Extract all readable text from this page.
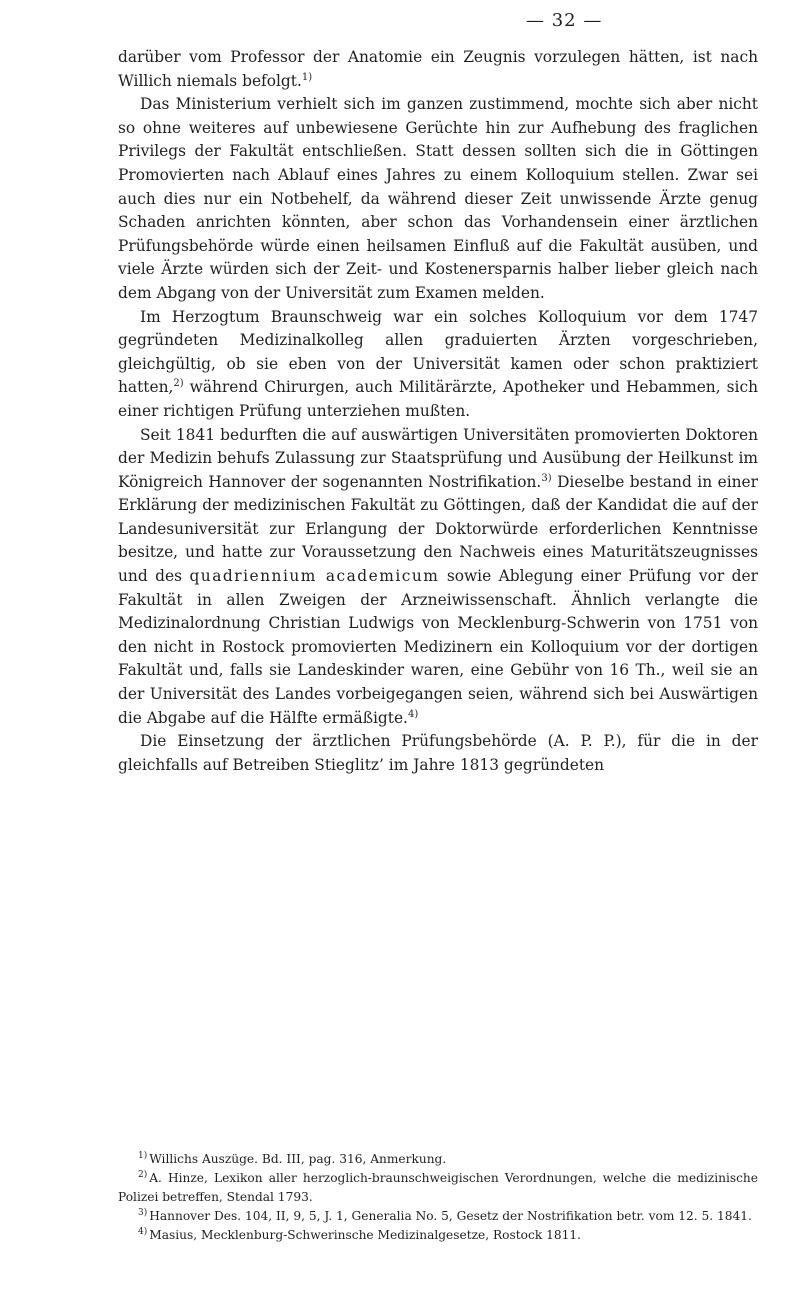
— 32 —

darüber vom Professor der Anatomie ein Zeugnis vorzulegen hätten, ist nach Willich niemals befolgt.$^{1)}$

Das Ministerium verhielt sich im ganzen zustimmend, mochte sich aber nicht so ohne weiteres auf unbewiesene Gerüchte hin zur Aufhebung des fraglichen Privilegs der Fakultät entschließen. Statt dessen sollten sich die in Göttingen Promovierten nach Ablauf eines Jahres zu einem Kolloquium stellen. Zwar sei auch dies nur ein Notbehelf, da während dieser Zeit unwissende Ärzte genug Schaden anrichten könnten, aber schon das Vorhandensein einer ärztlichen Prüfungsbehörde würde einen heilsamen Einfluß auf die Fakultät ausüben, und viele Ärzte würden sich der Zeit- und Kostenersparnis halber lieber gleich nach dem Abgang von der Universität zum Examen melden.

Im Herzogtum Braunschweig war ein solches Kolloquium vor dem 1747 gegründeten Medizinalkolleg allen graduierten Ärzten vorgeschrieben, gleichgültig, ob sie eben von der Universität kamen oder schon praktiziert hatten,$^{2)}$ während Chirurgen, auch Militärärzte, Apotheker und Hebammen, sich einer richtigen Prüfung unterziehen mußten.

Seit 1841 bedurften die auf auswärtigen Universitäten promovierten Doktoren der Medizin behufs Zulassung zur Staatsprüfung und Ausübung der Heilkunst im Königreich Hannover der sogenannten Nostrifikation.$^{3)}$ Dieselbe bestand in einer Erklärung der medizinischen Fakultät zu Göttingen, daß der Kandidat die auf der Landesuniversität zur Erlangung der Doktorwürde erforderlichen Kenntnisse besitze, und hatte zur Voraussetzung den Nachweis eines Maturitätszeugnisses und des quadriennium academicum sowie Ablegung einer Prüfung vor der Fakultät in allen Zweigen der Arzneiwissenschaft. Ähnlich verlangte die Medizinalordnung Christian Ludwigs von Mecklenburg-Schwerin von 1751 von den nicht in Rostock promovierten Medizinern ein Kolloquium vor der dortigen Fakultät und, falls sie Landeskinder waren, eine Gebühr von 16 Th., weil sie an der Universität des Landes vorbeigegangen seien, während sich bei Auswärtigen die Abgabe auf die Hälfte ermäßigte.$^{4)}$

Die Einsetzung der ärztlichen Prüfungsbehörde (A. P. P.), für die in der gleichfalls auf Betreiben Stieglitz’ im Jahre 1813 gegründeten

$^{1)}$ Willichs Auszüge. Bd. III, pag. 316, Anmerkung.

$^{2)}$ A. Hinze, Lexikon aller herzoglich-braunschweigischen Verordnungen, welche die medizinische Polizei betreffen, Stendal 1793.

$^{3)}$ Hannover Des. 104, II, 9, 5, J. 1, Generalia No. 5, Gesetz der Nostrifikation betr. vom 12. 5. 1841.

$^{4)}$ Masius, Mecklenburg-Schwerinsche Medizinalgesetze, Rostock 1811.
